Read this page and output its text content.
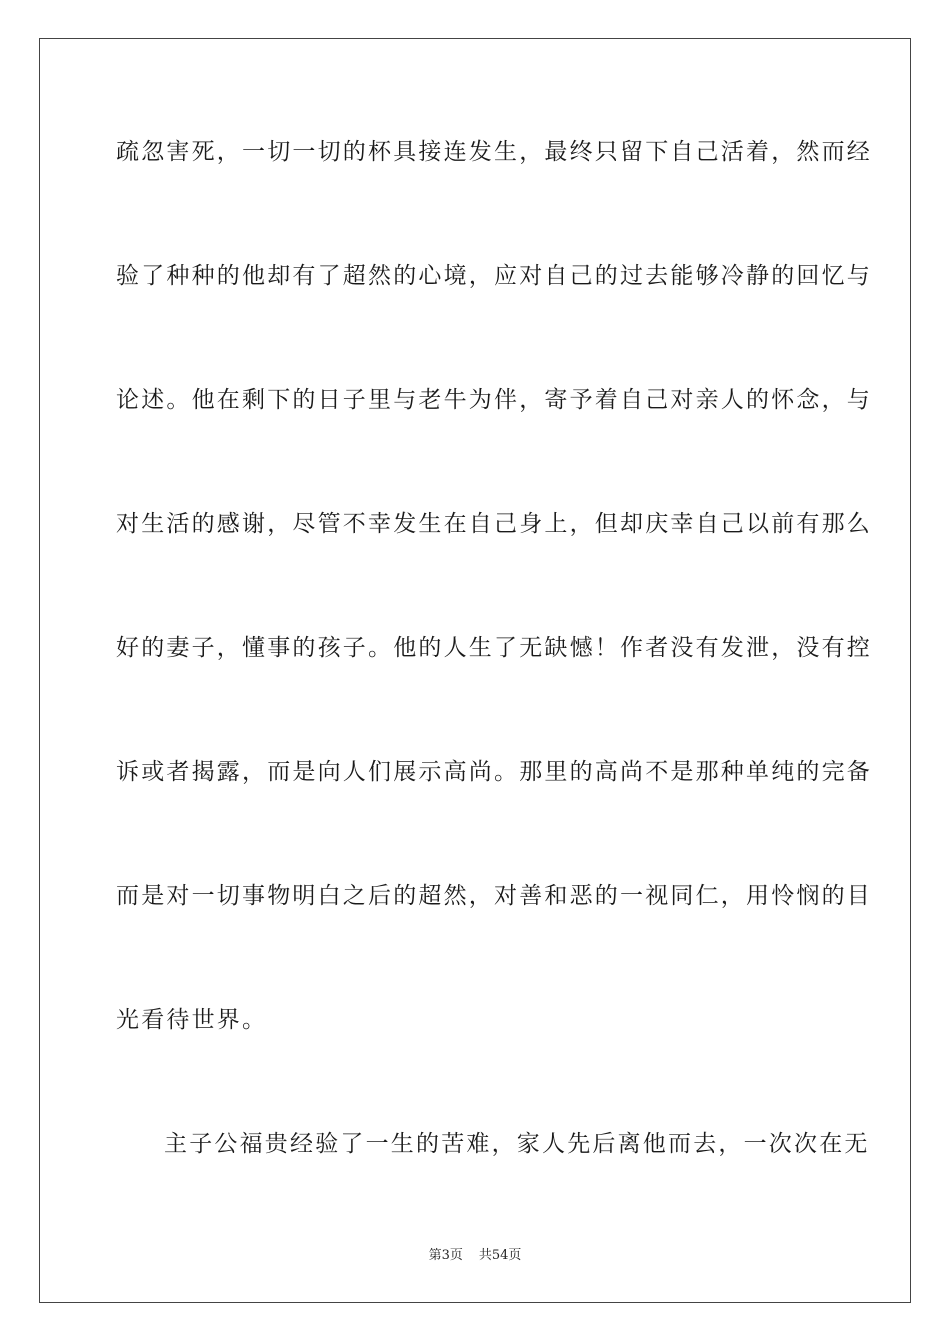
疏忽害死，一切一切的杯具接连发生，最终只留下自己活着，然而经
验了种种的他却有了超然的心境，应对自己的过去能够冷静的回忆与
论述。他在剩下的日子里与老牛为伴，寄予着自己对亲人的怀念，与
对生活的感谢，尽管不幸发生在自己身上，但却庆幸自己以前有那么
好的妻子，懂事的孩子。他的人生了无缺憾！作者没有发泄，没有控
诉或者揭露，而是向人们展示高尚。那里的高尚不是那种单纯的完备
而是对一切事物明白之后的超然，对善和恶的一视同仁，用怜悯的目
光看待世界。
主子公福贵经验了一生的苦难，家人先后离他而去，一次次在无
第3页 共54页
